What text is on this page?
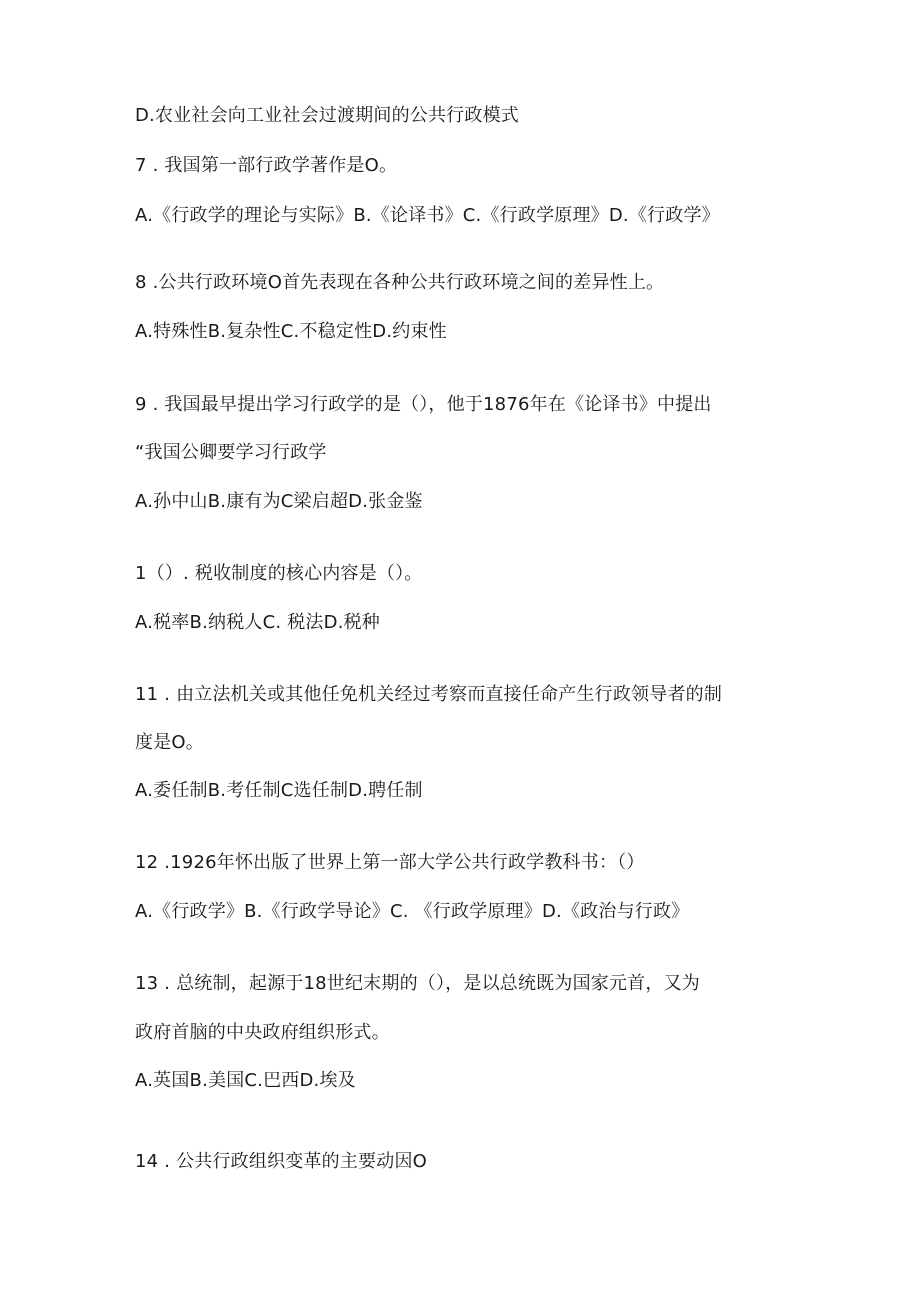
D.农业社会向工业社会过渡期间的公共行政模式
7 . 我国第一部行政学著作是O。
A.《行政学的理论与实际》B.《论译书》C.《行政学原理》D.《行政学》
8 .公共行政环境O首先表现在各种公共行政环境之间的差异性上。
A.特殊性B.复杂性C.不稳定性D.约束性
9 . 我国最早提出学习行政学的是（），他于1876年在《论译书》中提出
“我国公卿要学习行政学
A.孙中山B.康有为C梁启超D.张金鉴
1（）. 税收制度的核心内容是（）。
A.税率B.纳税人C. 税法D.税种
11 . 由立法机关或其他任免机关经过考察而直接任命产生行政领导者的制
度是O。
A.委任制B.考任制C选任制D.聘任制
12 .1926年怀出版了世界上第一部大学公共行政学教科书：（）
A.《行政学》B.《行政学导论》C. 《行政学原理》D.《政治与行政》
13 . 总统制，起源于18世纪末期的（），是以总统既为国家元首，又为
政府首脑的中央政府组织形式。
A.英国B.美国C.巴西D.埃及
14 . 公共行政组织变革的主要动因O
